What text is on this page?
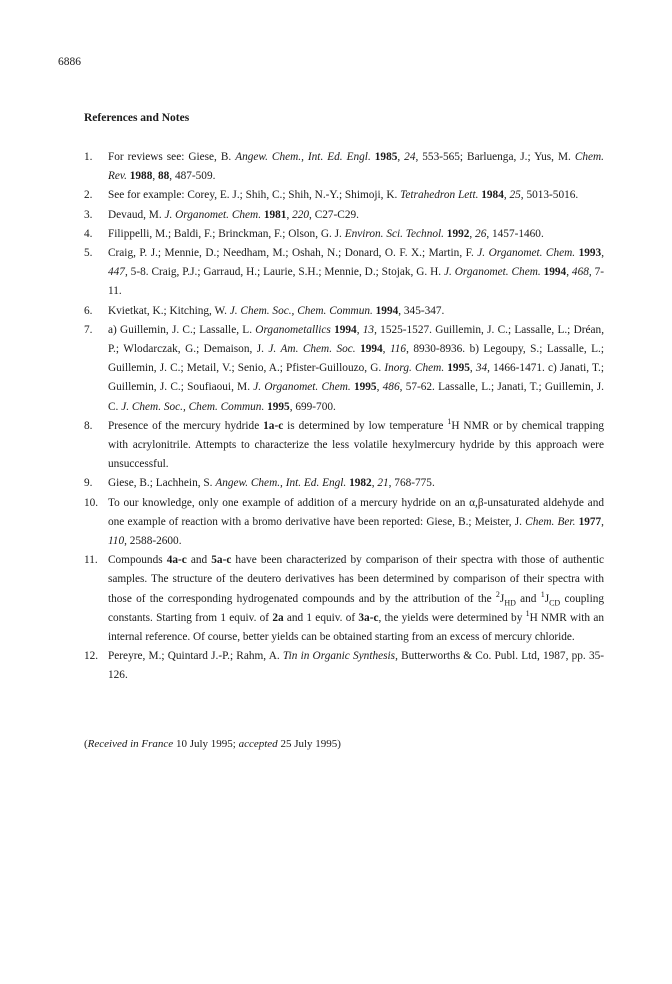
6886
References and Notes
1.	For reviews see: Giese, B. Angew. Chem., Int. Ed. Engl. 1985, 24, 553-565; Barluenga, J.; Yus, M. Chem. Rev. 1988, 88, 487-509.
2.	See for example: Corey, E. J.; Shih, C.; Shih, N.-Y.; Shimoji, K. Tetrahedron Lett. 1984, 25, 5013-5016.
3.	Devaud, M. J. Organomet. Chem. 1981, 220, C27-C29.
4.	Filippelli, M.; Baldi, F.; Brinckman, F.; Olson, G. J. Environ. Sci. Technol. 1992, 26, 1457-1460.
5.	Craig, P. J.; Mennie, D.; Needham, M.; Oshah, N.; Donard, O. F. X.; Martin, F. J. Organomet. Chem. 1993, 447, 5-8. Craig, P.J.; Garraud, H.; Laurie, S.H.; Mennie, D.; Stojak, G. H. J. Organomet. Chem. 1994, 468, 7-11.
6.	Kvietkat, K.; Kitching, W. J. Chem. Soc., Chem. Commun. 1994, 345-347.
7.	a) Guillemin, J. C.; Lassalle, L. Organometallics 1994, 13, 1525-1527. Guillemin, J. C.; Lassalle, L.; Dréan, P.; Wlodarczak, G.; Demaison, J. J. Am. Chem. Soc. 1994, 116, 8930-8936. b) Legoupy, S.; Lassalle, L.; Guillemin, J. C.; Metail, V.; Senio, A.; Pfister-Guillouzo, G. Inorg. Chem. 1995, 34, 1466-1471. c) Janati, T.; Guillemin, J. C.; Soufiaoui, M. J. Organomet. Chem. 1995, 486, 57-62. Lassalle, L.; Janati, T.; Guillemin, J. C. J. Chem. Soc., Chem. Commun. 1995, 699-700.
8.	Presence of the mercury hydride 1a-c is determined by low temperature $^1$H NMR or by chemical trapping with acrylonitrile. Attempts to characterize the less volatile hexylmercury hydride by this approach were unsuccessful.
9.	Giese, B.; Lachhein, S. Angew. Chem., Int. Ed. Engl. 1982, 21, 768-775.
10. To our knowledge, only one example of addition of a mercury hydride on an α,β-unsaturated aldehyde and one example of reaction with a bromo derivative have been reported: Giese, B.; Meister, J. Chem. Ber. 1977, 110, 2588-2600.
11. Compounds 4a-c and 5a-c have been characterized by comparison of their spectra with those of authentic samples. The structure of the deutero derivatives has been determined by comparison of their spectra with those of the corresponding hydrogenated compounds and by the attribution of the $^2J_{HD}$ and $^1J_{CD}$ coupling constants. Starting from 1 equiv. of 2a and 1 equiv. of 3a-c, the yields were determined by $^1$H NMR with an internal reference. Of course, better yields can be obtained starting from an excess of mercury chloride.
12. Pereyre, M.; Quintard J.-P.; Rahm, A. Tin in Organic Synthesis, Butterworths & Co. Publ. Ltd, 1987, pp. 35-126.
(Received in France 10 July 1995; accepted 25 July 1995)
